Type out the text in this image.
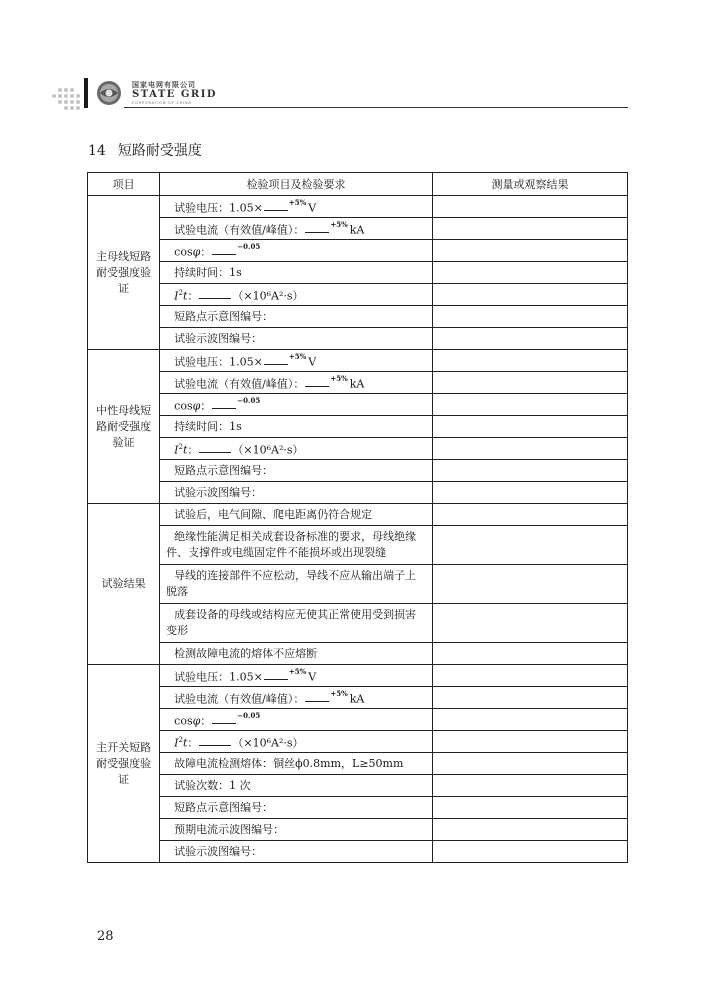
国家电网有限公司
STATE GRID
CORPORATION OF CHINA
14 短路耐受强度
项目	检验项目及检验要求	测量或观察结果
主母线短路耐受强度验证	试验电压：1.05× $^{+5\%}$ V	
	试验电流（有效值/峰值）： $^{+5\%}$ kA	
	cosφ： $^{-0.05}$	
	持续时间：1s	
	$I^2t$： （×10⁶A²·s）	
	短路点示意图编号：	
	试验示波图编号：	
中性母线短路耐受强度验证	试验电压：1.05× $^{+5\%}$ V	
	试验电流（有效值/峰值）： $^{+5\%}$ kA	
	cosφ： $^{-0.05}$	
	持续时间：1s	
	$I^2t$： （×10⁶A²·s）	
	短路点示意图编号：	
	试验示波图编号：	
试验结果	试验后，电气间隙、爬电距离仍符合规定	
	绝缘性能满足相关成套设备标准的要求，母线绝缘件、支撑件或电缆固定件不能损坏或出现裂缝	
	导线的连接部件不应松动，导线不应从输出端子上脱落	
	成套设备的母线或结构应无使其正常使用受到损害变形	
	检测故障电流的熔体不应熔断	
主开关短路耐受强度验证	试验电压：1.05× $^{+5\%}$ V	
	试验电流（有效值/峰值）： $^{+5\%}$ kA	
	cosφ： $^{-0.05}$	
	$I^2t$： （×10⁶A²·s）	
	故障电流检测熔体：铜丝ϕ0.8mm，L≥50mm	
	试验次数：1 次	
	短路点示意图编号：	
	预期电流示波图编号：	
	试验示波图编号：	
28
